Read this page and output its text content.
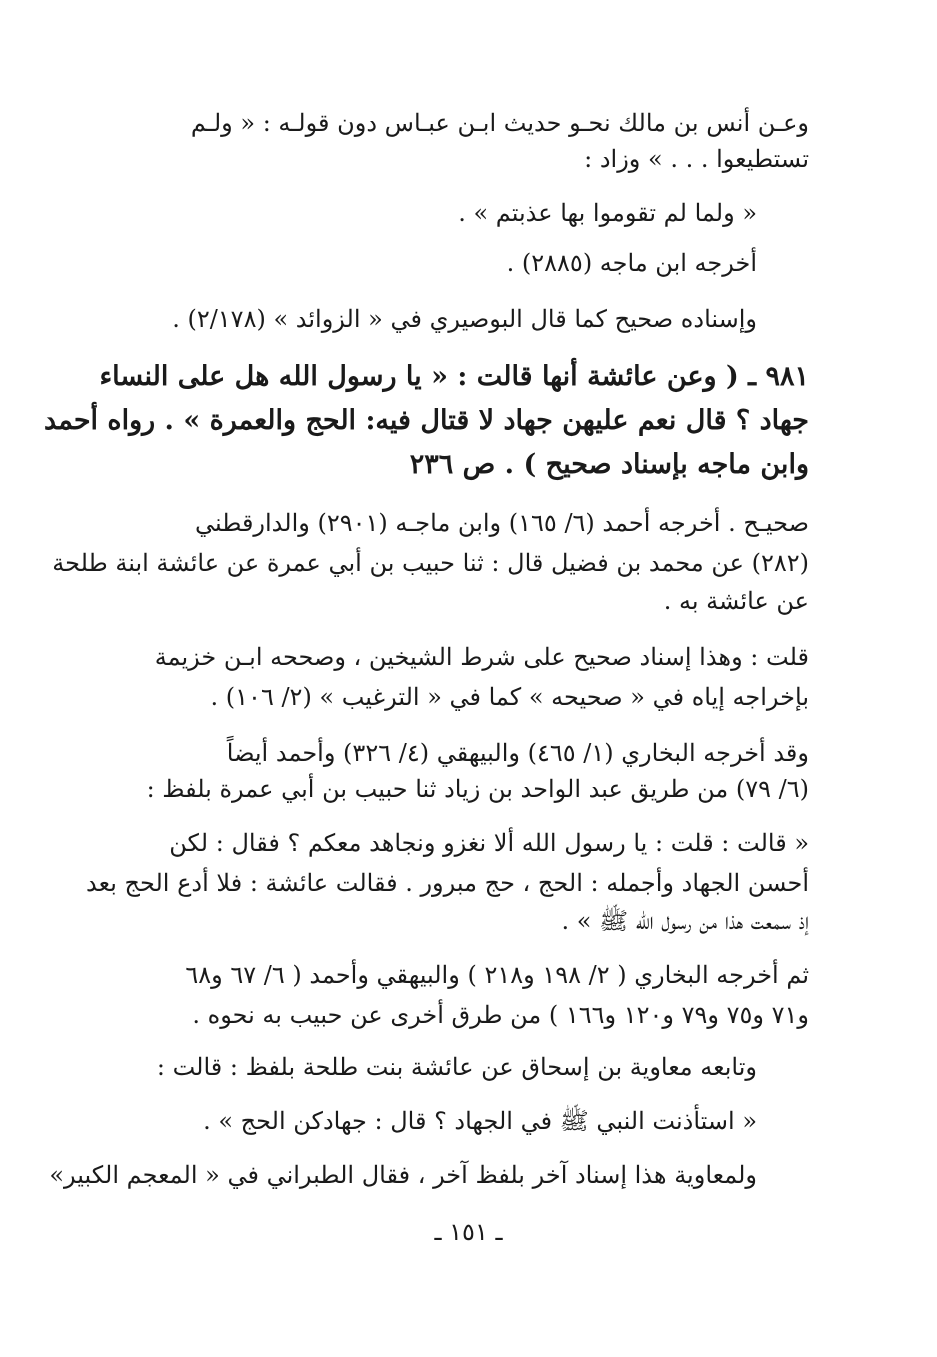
وعـن أنس بن مالك نحـو حديث ابـن عبـاس دون قولـه : « ولـم
تستطيعوا . . . » وزاد :
« ولما لم تقوموا بها عذبتم » .
أخرجه ابن ماجه (٢٨٨٥) .
وإسناده صحيح كما قال البوصيري في « الزوائد » (٢/١٧٨) .
٩٨١ ـ ( وعن عائشة أنها قالت : « يا رسول الله هل على النساء
جهاد ؟ قال نعم عليهن جهاد لا قتال فيه: الحج والعمرة » . رواه أحمد
وابن ماجه بإسناد صحيح ) . ص ٢٣٦
صحيـح . أخرجه أحمد (٦/ ١٦٥) وابن ماجـه (٢٩٠١) والدارقطني
(٢٨٢) عن محمد بن فضيل قال : ثنا حبيب بن أبي عمرة عن عائشة ابنة طلحة
عن عائشة به .
قلت : وهذا إسناد صحيح على شرط الشيخين ، وصححه ابـن خزيمة
بإخراجه إياه في « صحيحه » كما في « الترغيب » (٢/ ١٠٦) .
وقد أخرجه البخاري (١/ ٤٦٥) والبيهقي (٤/ ٣٢٦) وأحمد أيضاً
(٦/ ٧٩) من طريق عبد الواحد بن زياد ثنا حبيب بن أبي عمرة بلفظ :
« قالت : قلت : يا رسول الله ألا نغزو ونجاهد معكم ؟ فقال : لكن
أحسن الجهاد وأجمله : الحج ، حج مبرور . فقالت عائشة : فلا أدع الحج بعد
إذ سمعت هذا من رسول الله ﷺ » .
ثم أخرجه البخاري ( ٢/ ١٩٨ و٢١٨ ) والبيهقي وأحمد ( ٦/ ٦٧ و٦٨
و٧١ و٧٥ و٧٩ و١٢٠ و١٦٦ ) من طرق أخرى عن حبيب به نحوه .
وتابعه معاوية بن إسحاق عن عائشة بنت طلحة بلفظ : قالت :
« استأذنت النبي ﷺ في الجهاد ؟ قال : جهادكن الحج » .
ولمعاوية هذا إسناد آخر بلفظ آخر ، فقال الطبراني في « المعجم الكبير»
ـ ١٥١ ـ
